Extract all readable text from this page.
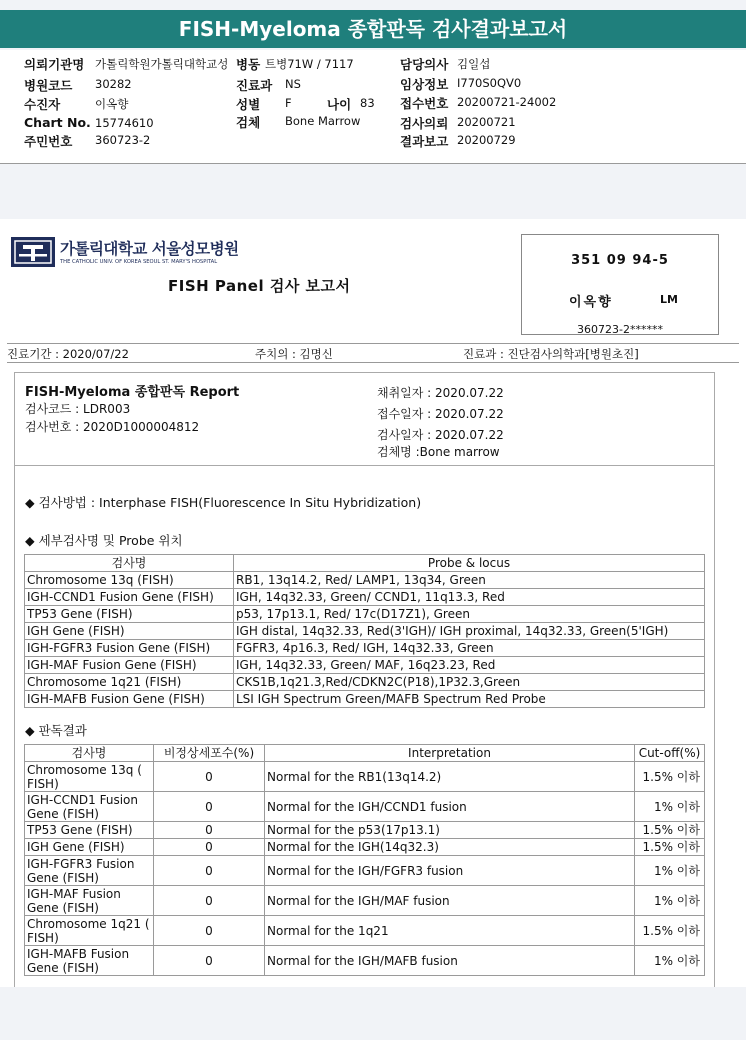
FISH-Myeloma 종합판독 검사결과보고서
의뢰기관명 가톨릭학원가톨릭대학교성 병동 트병71W / 7117
병원코드 30282	진료과 NS
수진자	이옥향	성별 F	나이 83
Chart No. 15774610	검체 Bone Marrow
주민번호 360723-2
담당의사 김일섭
임상정보 I770S0QV0
접수번호 20200721-24002
검사의뢰 20200721
결과보고 20200729
가톨릭대학교 서울성모병원
THE CATHOLIC UNIV. OF KOREA SEOUL ST. MARY'S HOSPITAL
FISH Panel 검사 보고서
351 09 94-5
이옥향	LM
360723-2******
진료기간 : 2020/07/22	주치의 : 김명신	진료과 : 진단검사의학과[병원초진]
FISH-Myeloma 종합판독 Report
검사코드 : LDR003
검사번호 : 2020D1000004812
채취일자 : 2020.07.22
접수일자 : 2020.07.22
검사일자 : 2020.07.22
검체명 :Bone marrow
◆ 검사방법 : Interphase FISH(Fluorescence In Situ Hybridization)
◆ 세부검사명 및 Probe 위치
검사명	Probe & locus
Chromosome 13q (FISH)	RB1, 13q14.2, Red/ LAMP1, 13q34, Green
IGH-CCND1 Fusion Gene (FISH)	IGH, 14q32.33, Green/ CCND1, 11q13.3, Red
TP53 Gene (FISH)	p53, 17p13.1, Red/ 17c(D17Z1), Green
IGH Gene (FISH)	IGH distal, 14q32.33, Red(3'IGH)/ IGH proximal, 14q32.33, Green(5'IGH)
IGH-FGFR3 Fusion Gene (FISH)	FGFR3, 4p16.3, Red/ IGH, 14q32.33, Green
IGH-MAF Fusion Gene (FISH)	IGH, 14q32.33, Green/ MAF, 16q23.23, Red
Chromosome 1q21 (FISH)	CKS1B,1q21.3,Red/CDKN2C(P18),1P32.3,Green
IGH-MAFB Fusion Gene (FISH)	LSI IGH Spectrum Green/MAFB Spectrum Red Probe
◆ 판독결과
검사명	비정상세포수(%)	Interpretation	Cut-off(%)
Chromosome 13q ( FISH)	0	Normal for the RB1(13q14.2)	1.5% 이하
IGH-CCND1 Fusion Gene (FISH)	0	Normal for the IGH/CCND1 fusion	1% 이하
TP53 Gene (FISH)	0	Normal for the p53(17p13.1)	1.5% 이하
IGH Gene (FISH)	0	Normal for the IGH(14q32.3)	1.5% 이하
IGH-FGFR3 Fusion Gene (FISH)	0	Normal for the IGH/FGFR3 fusion	1% 이하
IGH-MAF Fusion Gene (FISH)	0	Normal for the IGH/MAF fusion	1% 이하
Chromosome 1q21 ( FISH)	0	Normal for the 1q21	1.5% 이하
IGH-MAFB Fusion Gene (FISH)	0	Normal for the IGH/MAFB fusion	1% 이하
